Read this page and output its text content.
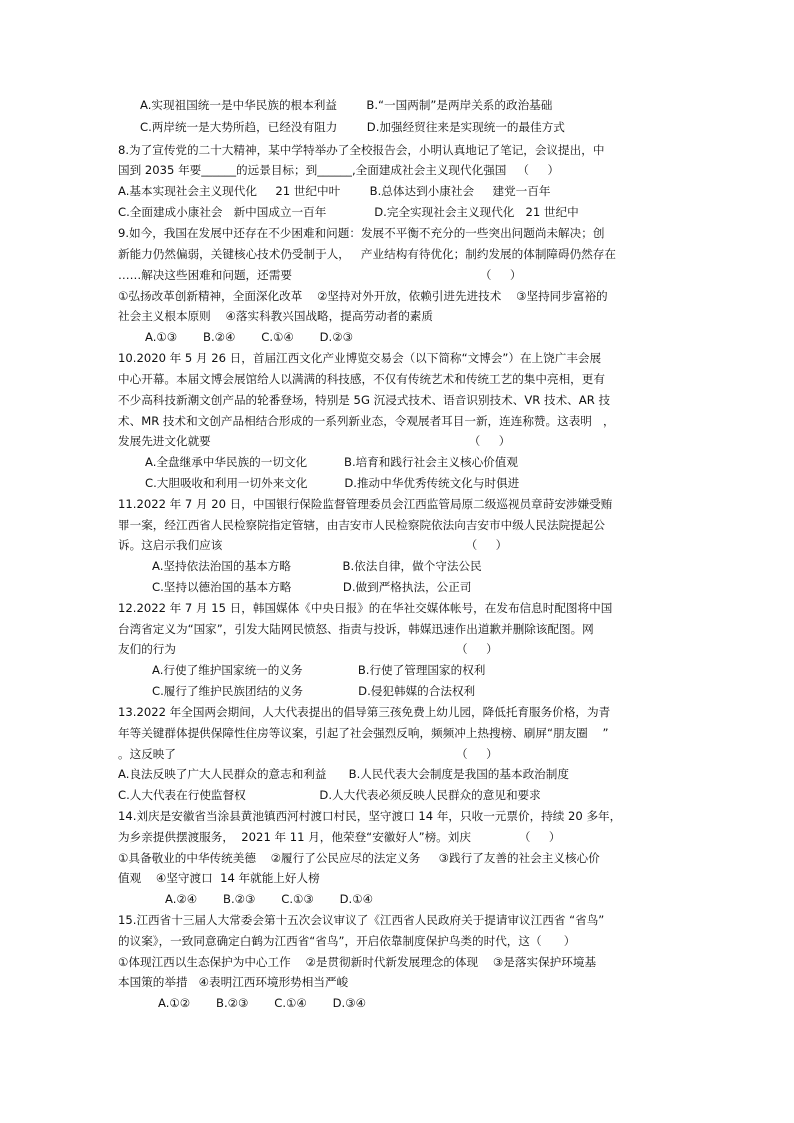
A.实现祖国统一是中华民族的根本利益        B.“一国两制”是两岸关系的政治基础
C.两岸统一是大势所趋，已经没有阻力        D.加强经贸往来是实现统一的最佳方式
8.为了宣传党的二十大精神，某中学特举办了全校报告会，小明认真地记了笔记，会议提出，中
国到 2035 年要______的远景目标；到______,全面建成社会主义现代化强国   （     ）
A.基本实现社会主义现代化     21 世纪中叶        B.总体达到小康社会     建党一百年
C.全面建成小康社会   新中国成立一百年             D.完全实现社会主义现代化   21 世纪中
9.如今，我国在发展中还存在不少困难和问题：发展不平衡不充分的一些突出问题尚未解决；创
新能力仍然偏弱，关键核心技术仍受制于人，   产业结构有待优化；制约发展的体制障碍仍然存在
……解决这些困难和问题，还需要                                                   （     ）
①弘扬改革创新精神，全面深化改革    ②坚持对外开放，依赖引进先进技术    ③坚持同步富裕的
社会主义根本原则    ④落实科教兴国战略，提高劳动者的素质
A.①③       B.②④       C.①④       D.②③
10.2020 年 5 月 26 日，首届江西文化产业博览交易会（以下简称“文博会”）在上饶广丰会展
中心开幕。本届文博会展馆给人以满满的科技感，不仅有传统艺术和传统工艺的集中亮相，更有
不少高科技新潮文创产品的轮番登场，特别是 5G 沉浸式技术、语音识别技术、VR 技术、AR 技
术、MR 技术和文创产品相结合形成的一系列新业态，令观展者耳目一新，连连称赞。这表明   ，
发展先进文化就要                                                                      （     ）
A.全盘继承中华民族的一切文化          B.培育和践行社会主义核心价值观
C.大胆吸收和利用一切外来文化          D.推动中华优秀传统文化与时俱进
11.2022 年 7 月 20 日，中国银行保险监督管理委员会江西监管局原二级巡视员章莳安涉嫌受贿
罪一案，经江西省人民检察院指定管辖，由吉安市人民检察院依法向吉安市中级人民法院提起公
诉。这启示我们应该                                                                  （     ）
A.坚持依法治国的基本方略              B.依法自律，做个守法公民
C.坚持以德治国的基本方略              D.做到严格执法，公正司
12.2022 年 7 月 15 日，韩国媒体《中央日报》的在华社交媒体帐号，在发布信息时配图将中国
台湾省定义为“国家”，引发大陆网民愤怒、指责与投诉，韩媒迅速作出道歉并删除该配图。网
友们的行为                                                                            （     ）
A.行使了维护国家统一的义务               B.行使了管理国家的权利
C.履行了维护民族团结的义务               D.侵犯韩媒的合法权利
13.2022 年全国两会期间，人大代表提出的倡导第三孩免费上幼儿园，降低托育服务价格，为青
年等关键群体提供保障性住房等议案，引起了社会强烈反响，频频冲上热搜榜、刷屏“朋友圈    ”
。这反映了                                                                            （     ）
A.良法反映了广大人民群众的意志和利益      B.人民代表大会制度是我国的基本政治制度
C.人大代表在行使监督权                    D.人大代表必须反映人民群众的意见和要求
14.刘庆是安徽省当涂县黄池镇西河村渡口村民，坚守渡口 14 年，只收一元票价，持续 20 多年，
为乡亲提供摆渡服务，  2021 年 11 月，他荣登“安徽好人”榜。刘庆             （     ）
①具备敬业的中华传统美德    ②履行了公民应尽的法定义务     ③践行了友善的社会主义核心价
值观    ④坚守渡口  14 年就能上好人榜
A.②④       B.②③       C.①③       D.①④
15.江西省十三届人大常委会第十五次会议审议了《江西省人民政府关于提请审议江西省 “省鸟”
的议案》，一致同意确定白鹤为江西省“省鸟”，开启依靠制度保护鸟类的时代，这（      ）
①体现江西以生态保护为中心工作    ②是贯彻新时代新发展理念的体现    ③是落实保护环境基
本国策的举措   ④表明江西环境形势相当严峻
A.①②       B.②③       C.①④       D.③④
